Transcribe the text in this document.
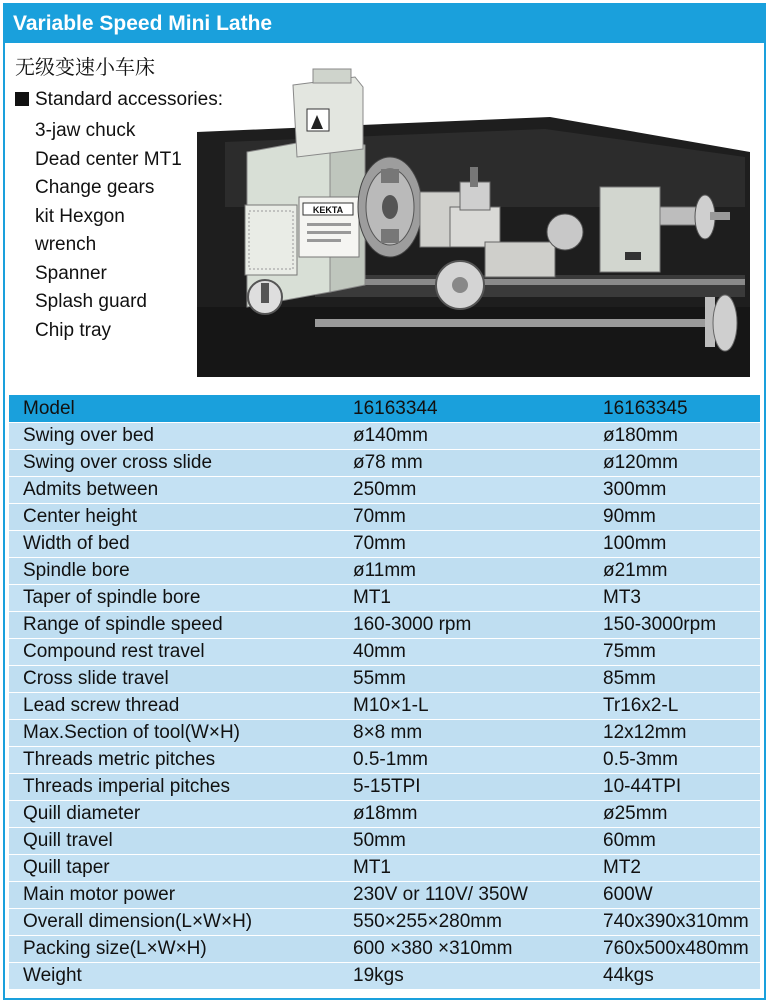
Variable Speed Mini Lathe
无级变速小车床
Standard accessories:
3-jaw chuck
Dead center MT1
Change gears
kit Hexgon
wrench
Spanner
Splash guard
Chip tray
KEKTA
Model	16163344	16163345
Swing over bed	ø140mm	ø180mm
Swing over cross slide	ø78 mm	ø120mm
Admits between	250mm	300mm
Center height	70mm	90mm
Width of bed	70mm	100mm
Spindle bore	ø11mm	ø21mm
Taper of spindle bore	MT1	MT3
Range of spindle speed	160-3000 rpm	150-3000rpm
Compound rest travel	40mm	75mm
Cross slide travel	55mm	85mm
Lead screw thread	M10×1-L	Tr16x2-L
Max.Section of tool(W×H)	8×8 mm	12x12mm
Threads metric pitches	0.5-1mm	0.5-3mm
Threads imperial pitches	5-15TPI	10-44TPI
Quill diameter	ø18mm	ø25mm
Quill travel	50mm	60mm
Quill taper	MT1	MT2
Main motor power	230V or 110V/ 350W	600W
Overall dimension(L×W×H)	550×255×280mm	740x390x310mm
Packing size(L×W×H)	600 ×380 ×310mm	760x500x480mm
Weight	19kgs	44kgs
